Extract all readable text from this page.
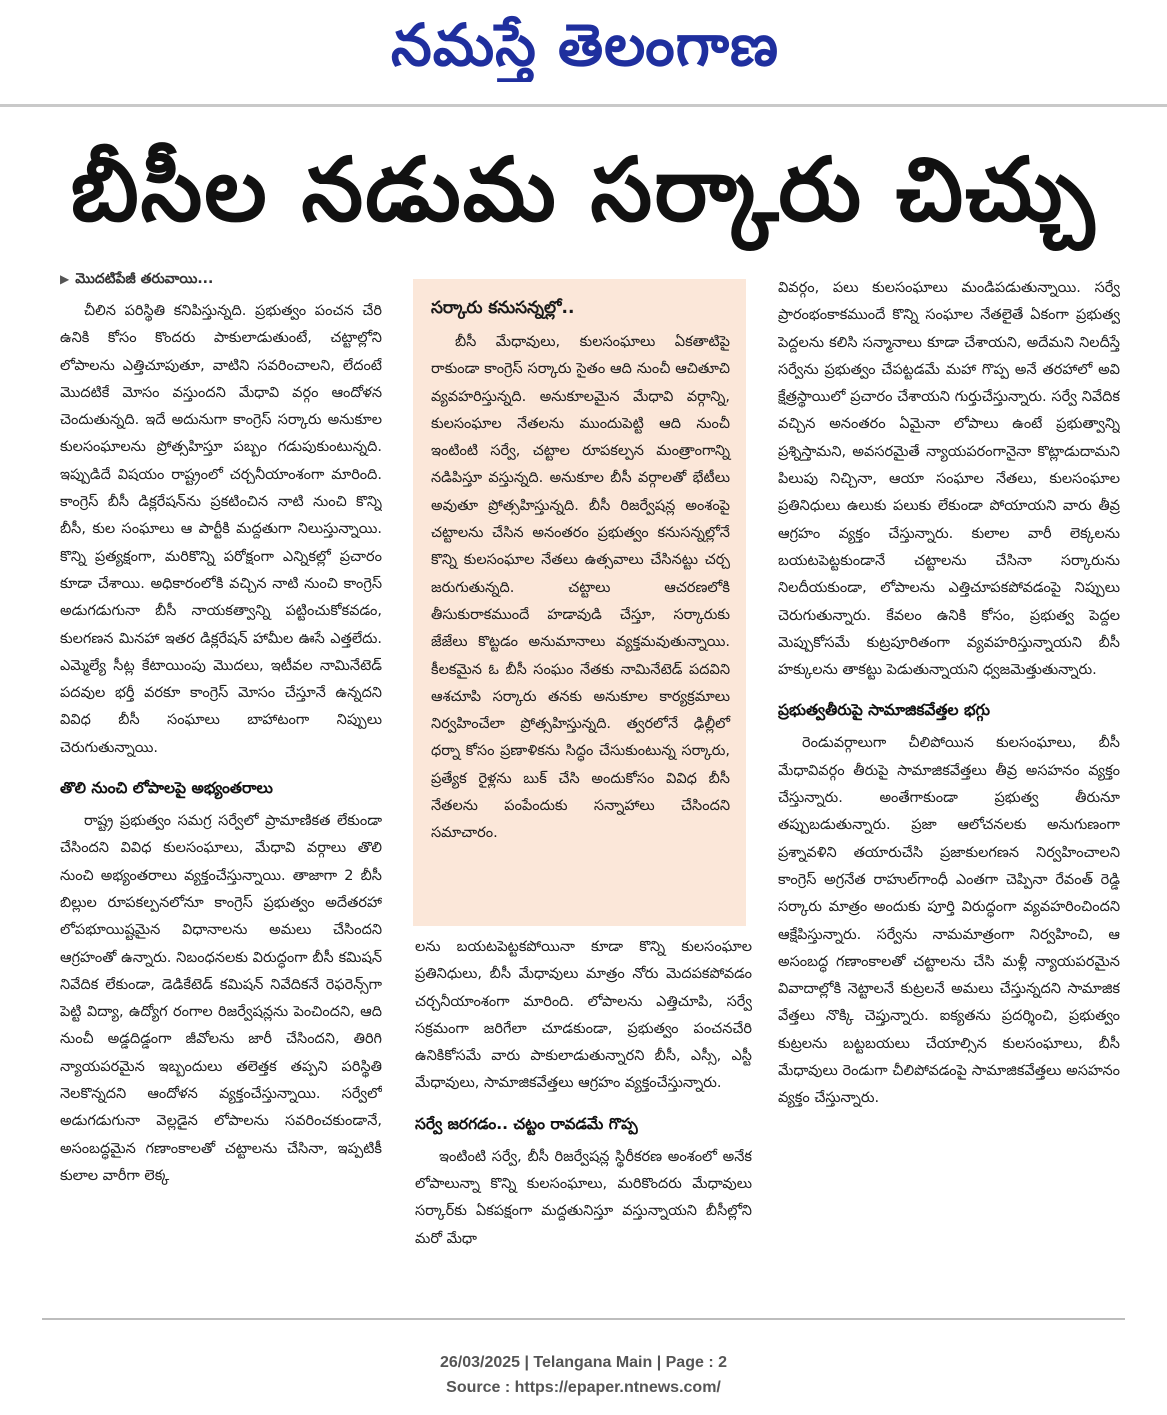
నమస్తే తెలంగాణ
బీసీల నడుమ సర్కారు చిచ్చు
▶ మొదటిపేజీ తరువాయి...

చీలిన పరిస్థితి కనిపిస్తున్నది. ప్రభుత్వం పంచన చేరి ఉనికి కోసం కొందరు పాకులాడుతుంటే, చట్టాల్లోని లోపాలను ఎత్తిచూపుతూ, వాటిని సవరించాలని, లేదంటే మొదటికే మోసం వస్తుందని మేధావి వర్గం ఆందోళన చెందుతున్నది. ఇదే అదునుగా కాంగ్రెస్ సర్కారు అనుకూల కులసంఘాలను ప్రోత్సహిస్తూ పబ్బం గడుపుకుంటున్నది. ఇప్పుడిదే విషయం రాష్ట్రంలో చర్చనీయాంశంగా మారింది. కాంగ్రెస్ బీసీ డిక్లరేషన్‌ను ప్రకటించిన నాటి నుంచి కొన్ని బీసీ, కుల సంఘాలు ఆ పార్టీకి మద్దతుగా నిలుస్తున్నాయి. కొన్ని ప్రత్యక్షంగా, మరికొన్ని పరోక్షంగా ఎన్నికల్లో ప్రచారం కూడా చేశాయి. అధికారంలోకి వచ్చిన నాటి నుంచి కాంగ్రెస్ అడుగడుగునా బీసీ నాయకత్వాన్ని పట్టించుకోకవడం, కులగణన మినహా ఇతర డిక్లరేషన్ హామీల ఊసే ఎత్తలేదు. ఎమ్మెల్యే సీట్ల కేటాయింపు మొదలు, ఇటీవల నామినేటెడ్ పదవుల భర్తీ వరకూ కాంగ్రెస్ మోసం చేస్తూనే ఉన్నదని వివిధ బీసీ సంఘాలు బాహాటంగా నిప్పులు చెరుగుతున్నాయి.

తొలి నుంచి లోపాలపై అభ్యంతరాలు

రాష్ట్ర ప్రభుత్వం సమగ్ర సర్వేలో ప్రామాణికత లేకుండా చేసిందని వివిధ కులసంఘాలు, మేధావి వర్గాలు తొలి నుంచి అభ్యంతరాలు వ్యక్తంచేస్తున్నాయి. తాజాగా 2 బీసీ బిల్లుల రూపకల్పనలోనూ కాంగ్రెస్ ప్రభుత్వం అదేతరహా లోపభూయిష్టమైన విధానాలను అమలు చేసిందని ఆగ్రహంతో ఉన్నారు. నిబంధనలకు విరుద్ధంగా బీసీ కమిషన్ నివేదిక లేకుండా, డెడికేటెడ్ కమిషన్ నివేదికనే రెఫరెన్స్‌గా పెట్టి విద్యా, ఉద్యోగ రంగాల రిజర్వేషన్లను పెంచిందని, ఆది నుంచీ అడ్డదిడ్డంగా జీవోలను జారీ చేసిందని, తిరిగి న్యాయపరమైన ఇబ్బందులు తలెత్తక తప్పని పరిస్థితి నెలకొన్నదని ఆందోళన వ్యక్తంచేస్తున్నాయి. సర్వేలో అడుగడుగునా వెల్లడైన లోపాలను సవరించకుండానే, అసంబద్ధమైన గణాంకాలతో చట్టాలను చేసినా, ఇప్పటికీ కులాల వారీగా లెక్క

సర్కారు కనుసన్నల్లో..

బీసీ మేధావులు, కులసంఘాలు ఏకతాటిపై రాకుండా కాంగ్రెస్ సర్కారు సైతం ఆది నుంచీ ఆచితూచి వ్యవహరిస్తున్నది. అనుకూలమైన మేధావి వర్గాన్ని, కులసంఘాల నేతలను ముందుపెట్టి ఆది నుంచీ ఇంటింటి సర్వే, చట్టాల రూపకల్పన మంత్రాంగాన్ని నడిపిస్తూ వస్తున్నది. అనుకూల బీసీ వర్గాలతో భేటీలు అవుతూ ప్రోత్సహిస్తున్నది. బీసీ రిజర్వేషన్ల అంశంపై చట్టాలను చేసిన అనంతరం ప్రభుత్వం కనుసన్నల్లోనే కొన్ని కులసంఘాల నేతలు ఉత్సవాలు చేసినట్టు చర్చ జరుగుతున్నది. చట్టాలు ఆచరణలోకి తీసుకురాకముందే హడావుడి చేస్తూ, సర్కారుకు జేజేలు కొట్టడం అనుమానాలు వ్యక్తమవుతున్నాయి. కీలకమైన ఓ బీసీ సంఘం నేతకు నామినేటెడ్ పదవిని ఆశచూపి సర్కారు తనకు అనుకూల కార్యక్రమాలు నిర్వహించేలా ప్రోత్సహిస్తున్నది. త్వరలోనే ఢిల్లీలో ధర్నా కోసం ప్రణాళికను సిద్ధం చేసుకుంటున్న సర్కారు, ప్రత్యేక రైళ్లను బుక్ చేసి అందుకోసం వివిధ బీసీ నేతలను పంపేందుకు సన్నాహాలు చేసిందని సమాచారం.

లను బయటపెట్టకపోయినా కూడా కొన్ని కులసంఘాల ప్రతినిధులు, బీసీ మేధావులు మాత్రం నోరు మెదపకపోవడం చర్చనీయాంశంగా మారింది. లోపాలను ఎత్తిచూపి, సర్వే సక్రమంగా జరిగేలా చూడకుండా, ప్రభుత్వం పంచనచేరి ఉనికికోసమే వారు పాకులాడుతున్నారని బీసీ, ఎస్సీ, ఎస్టీ మేధావులు, సామాజికవేత్తలు ఆగ్రహం వ్యక్తంచేస్తున్నారు.

సర్వే జరగడం.. చట్టం రావడమే గొప్ప

ఇంటింటి సర్వే, బీసీ రిజర్వేషన్ల స్థిరీకరణ అంశంలో అనేక లోపాలున్నా కొన్ని కులసంఘాలు, మరికొందరు మేధావులు సర్కార్‌కు ఏకపక్షంగా మద్దతునిస్తూ వస్తున్నాయని బీసీల్లోని మరో మేధా

వివర్గం, పలు కులసంఘాలు మండిపడుతున్నాయి. సర్వే ప్రారంభంకాకముందే కొన్ని సంఘాల నేతలైతే ఏకంగా ప్రభుత్వ పెద్దలను కలిసి సన్మానాలు కూడా చేశాయని, అదేమని నిలదీస్తే సర్వేను ప్రభుత్వం చేపట్టడమే మహా గొప్ప అనే తరహాలో అవి క్షేత్రస్థాయిలో ప్రచారం చేశాయని గుర్తుచేస్తున్నారు. సర్వే నివేదిక వచ్చిన అనంతరం ఏమైనా లోపాలు ఉంటే ప్రభుత్వాన్ని ప్రశ్నిస్తామని, అవసరమైతే న్యాయపరంగానైనా కొట్లాడుదామని పిలుపు నిచ్చినా, ఆయా సంఘాల నేతలు, కులసంఘాల ప్రతినిధులు ఉలుకు పలుకు లేకుండా పోయాయని వారు తీవ్ర ఆగ్రహం వ్యక్తం చేస్తున్నారు. కులాల వారీ లెక్కలను బయటపెట్టకుండానే చట్టాలను చేసినా సర్కారును నిలదీయకుండా, లోపాలను ఎత్తిచూపకపోవడంపై నిప్పులు చెరుగుతున్నారు. కేవలం ఉనికి కోసం, ప్రభుత్వ పెద్దల మెప్పుకోసమే కుట్రపూరితంగా వ్యవహరిస్తున్నాయని బీసీ హక్కులను తాకట్టు పెడుతున్నాయని ధ్వజమెత్తుతున్నారు.

ప్రభుత్వతీరుపై సామాజికవేత్తల భగ్గు

రెండువర్గాలుగా చీలిపోయిన కులసంఘాలు, బీసీ మేధావివర్గం తీరుపై సామాజికవేత్తలు తీవ్ర అసహనం వ్యక్తం చేస్తున్నారు. అంతేగాకుండా ప్రభుత్వ తీరునూ తప్పుబడుతున్నారు. ప్రజా ఆలోచనలకు అనుగుణంగా ప్రశ్నావళిని తయారుచేసి ప్రజాకులగణన నిర్వహించాలని కాంగ్రెస్ అగ్రనేత రాహుల్‌గాంధీ ఎంతగా చెప్పినా రేవంత్ రెడ్డి సర్కారు మాత్రం అందుకు పూర్తి విరుద్ధంగా వ్యవహరించిందని ఆక్షేపిస్తున్నారు. సర్వేను నామమాత్రంగా నిర్వహించి, ఆ అసంబద్ధ గణాంకాలతో చట్టాలను చేసి మళ్లీ న్యాయపరమైన వివాదాల్లోకి నెట్టాలనే కుట్రలనే అమలు చేస్తున్నదని సామాజిక వేత్తలు నొక్కి చెప్తున్నారు. ఐక్యతను ప్రదర్శించి, ప్రభుత్వం కుట్రలను బట్టబయలు చేయాల్సిన కులసంఘాలు, బీసీ మేధావులు రెండుగా చీలిపోవడంపై సామాజికవేత్తలు అసహనం వ్యక్తం చేస్తున్నారు.

26/03/2025 | Telangana Main | Page : 2
Source : https://epaper.ntnews.com/
